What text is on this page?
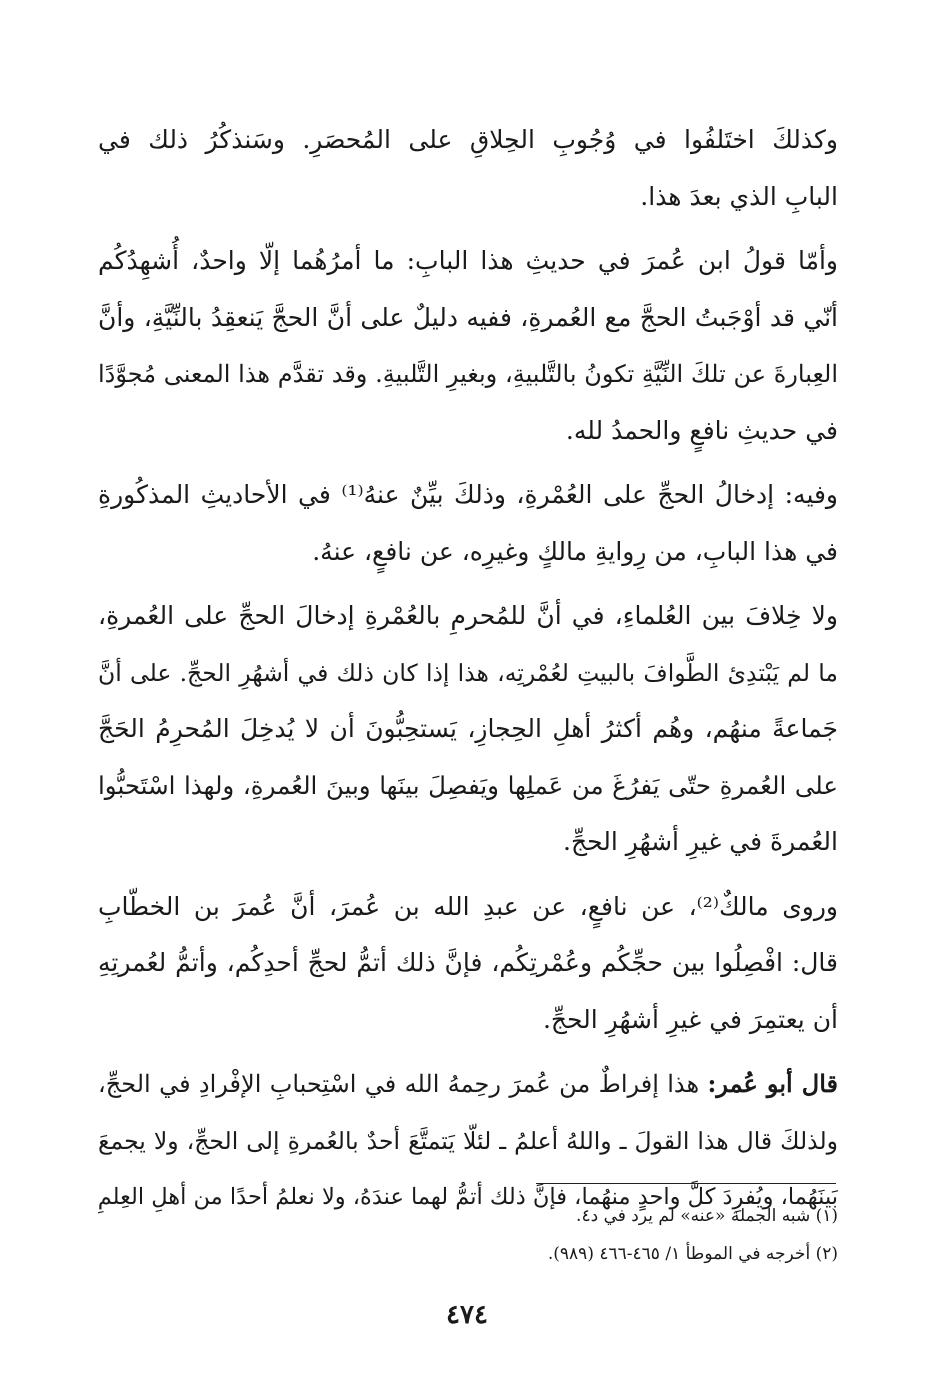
وكذلكَ اختَلفُوا في وُجُوبِ الحِلاقِ على المُحصَرِ. وسَنذكُرُ ذلك في
البابِ الذي بعدَ هذا.

وأمّا قولُ ابن عُمرَ في حديثِ هذا البابِ: ما أمرُهُما إلّا واحدٌ، أُشهِدُكُم
أنّي قد أوْجَبتُ الحجَّ مع العُمرةِ، ففيه دليلٌ على أنَّ الحجَّ يَنعقِدُ بالنِّيَّةِ، وأنَّ
العِبارةَ عن تلكَ النِّيَّةِ تكونُ بالتَّلبيةِ، وبغيرِ التَّلبيةِ. وقد تقدَّم هذا المعنى مُجوَّدًا
في حديثِ نافعٍ والحمدُ لله.

وفيه: إدخالُ الحجِّ على العُمْرةِ، وذلكَ بيِّنٌ عنهُ⁽¹⁾ في الأحاديثِ المذكُورةِ
في هذا البابِ، من رِوايةِ مالكٍ وغيرِه، عن نافعٍ، عنهُ.

ولا خِلافَ بين العُلماءِ، في أنَّ للمُحرمِ بالعُمْرةِ إدخالَ الحجِّ على العُمرةِ،
ما لم يَبْتدِئ الطَّوافَ بالبيتِ لعُمْرتِه، هذا إذا كان ذلك في أشهُرِ الحجِّ. على أنَّ
جَماعةً منهُم، وهُم أكثرُ أهلِ الحِجازِ، يَستحِبُّونَ أن لا يُدخِلَ المُحرِمُ الحَجَّ
على العُمرةِ حتّى يَفرُغَ من عَملِها ويَفصِلَ بينَها وبينَ العُمرةِ، ولهذا اسْتَحبُّوا
العُمرةَ في غيرِ أشهُرِ الحجِّ.

وروى مالكٌ⁽²⁾، عن نافعٍ، عن عبدِ الله بن عُمرَ، أنَّ عُمرَ بن الخطّابِ
قال: افْصِلُوا بين حجِّكُم وعُمْرتِكُم، فإنَّ ذلك أتمُّ لحجِّ أحدِكُم، وأتمُّ لعُمرتِهِ
أن يعتمِرَ في غيرِ أشهُرِ الحجِّ.

قال أبو عُمر: هذا إفراطٌ من عُمرَ رحِمهُ الله في اسْتِحبابِ الإفْرادِ في الحجِّ،
ولذلكَ قال هذا القولَ ـ واللهُ أعلمُ ـ لئلّا يَتمتَّعَ أحدٌ بالعُمرةِ إلى الحجِّ، ولا يجمعَ
بَينَهُما، ويُفرِدَ كلَّ واحدٍ منهُما، فإنَّ ذلك أتمُّ لهما عندَهُ، ولا نعلمُ أحدًا من أهلِ العِلمِ

(١) شبه الجملة «عنه» لم يرد في د٤.
(٢) أخرجه في الموطأ ١/ ٤٦٥-٤٦٦ (٩٨٩).
٤٧٤
